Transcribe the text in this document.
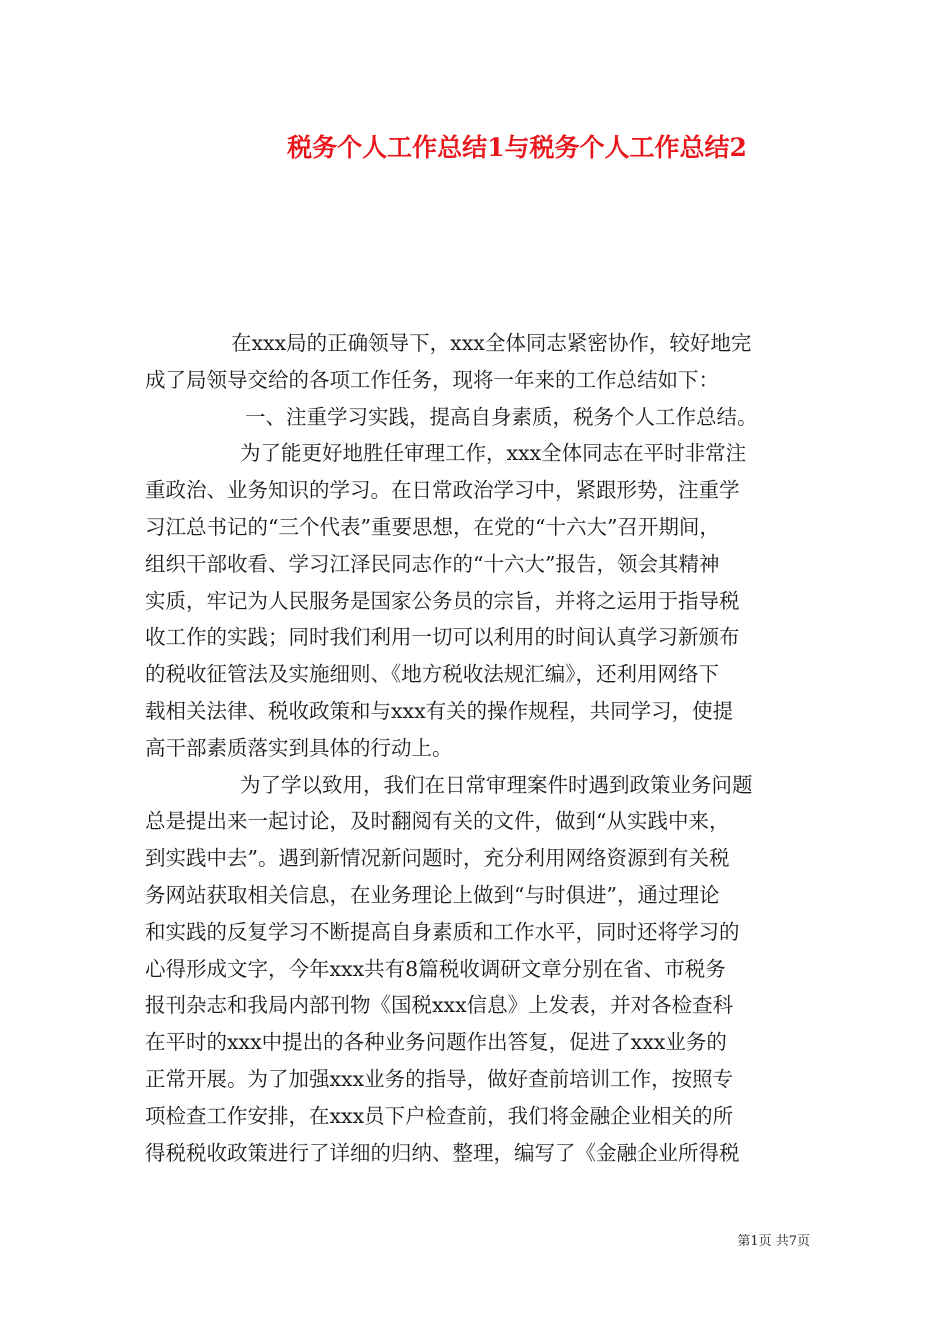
税务个人工作总结1与税务个人工作总结2
在xxx局的正确领导下，xxx全体同志紧密协作，较好地完
成了局领导交给的各项工作任务，现将一年来的工作总结如下：
一、注重学习实践，提高自身素质，税务个人工作总结。
为了能更好地胜任审理工作，xxx全体同志在平时非常注
重政治、业务知识的学习。在日常政治学习中，紧跟形势，注重学
习江总书记的“三个代表”重要思想，在党的“十六大”召开期间，
组织干部收看、学习江泽民同志作的“十六大”报告，领会其精神
实质，牢记为人民服务是国家公务员的宗旨，并将之运用于指导税
收工作的实践；同时我们利用一切可以利用的时间认真学习新颁布
的税收征管法及实施细则、《地方税收法规汇编》，还利用网络下
载相关法律、税收政策和与xxx有关的操作规程，共同学习，使提
高干部素质落实到具体的行动上。
为了学以致用，我们在日常审理案件时遇到政策业务问题
总是提出来一起讨论，及时翻阅有关的文件，做到“从实践中来，
到实践中去”。遇到新情况新问题时，充分利用网络资源到有关税
务网站获取相关信息，在业务理论上做到“与时俱进”，通过理论
和实践的反复学习不断提高自身素质和工作水平，同时还将学习的
心得形成文字，今年xxx共有8篇税收调研文章分别在省、市税务
报刊杂志和我局内部刊物《国税xxx信息》上发表，并对各检查科
在平时的xxx中提出的各种业务问题作出答复，促进了xxx业务的
正常开展。为了加强xxx业务的指导，做好查前培训工作，按照专
项检查工作安排，在xxx员下户检查前，我们将金融企业相关的所
得税税收政策进行了详细的归纳、整理，编写了《金融企业所得税
第1页 共7页
